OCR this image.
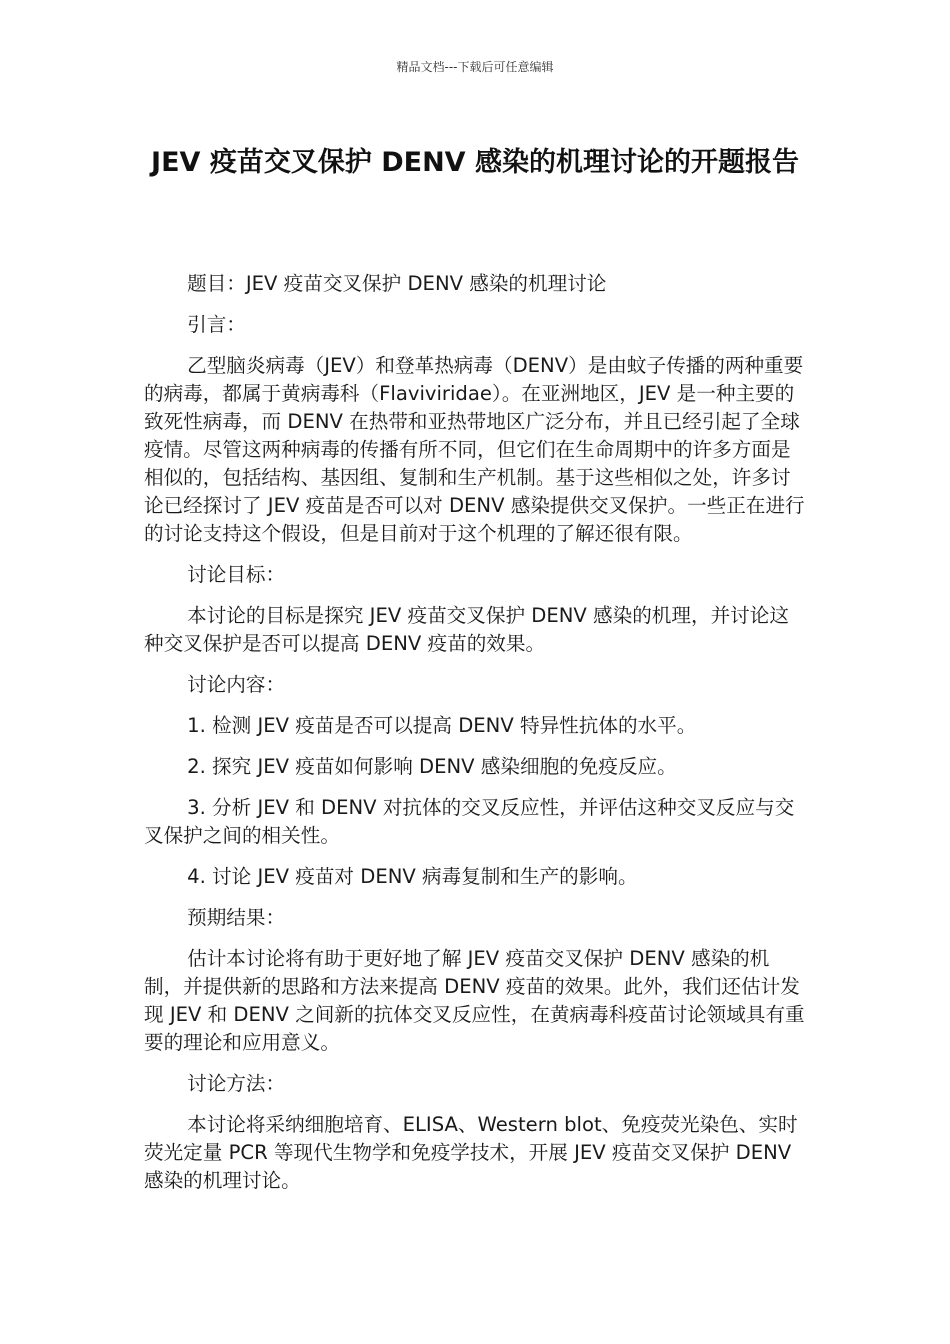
精品文档---下载后可任意编辑
JEV 疫苗交叉保护 DENV 感染的机理讨论的开题报告

题目：JEV 疫苗交叉保护 DENV 感染的机理讨论

引言：

乙型脑炎病毒（JEV）和登革热病毒（DENV）是由蚊子传播的两种重要的病毒，都属于黄病毒科（Flaviviridae）。在亚洲地区，JEV 是一种主要的致死性病毒，而 DENV 在热带和亚热带地区广泛分布，并且已经引起了全球疫情。尽管这两种病毒的传播有所不同，但它们在生命周期中的许多方面是相似的，包括结构、基因组、复制和生产机制。基于这些相似之处，许多讨论已经探讨了 JEV 疫苗是否可以对 DENV 感染提供交叉保护。一些正在进行的讨论支持这个假设，但是目前对于这个机理的了解还很有限。

讨论目标：

本讨论的目标是探究 JEV 疫苗交叉保护 DENV 感染的机理，并讨论这种交叉保护是否可以提高 DENV 疫苗的效果。

讨论内容：

1. 检测 JEV 疫苗是否可以提高 DENV 特异性抗体的水平。

2. 探究 JEV 疫苗如何影响 DENV 感染细胞的免疫反应。

3. 分析 JEV 和 DENV 对抗体的交叉反应性，并评估这种交叉反应与交叉保护之间的相关性。

4. 讨论 JEV 疫苗对 DENV 病毒复制和生产的影响。

预期结果：

估计本讨论将有助于更好地了解 JEV 疫苗交叉保护 DENV 感染的机制，并提供新的思路和方法来提高 DENV 疫苗的效果。此外，我们还估计发现 JEV 和 DENV 之间新的抗体交叉反应性，在黄病毒科疫苗讨论领域具有重要的理论和应用意义。

讨论方法：

本讨论将采纳细胞培育、ELISA、Western blot、免疫荧光染色、实时荧光定量 PCR 等现代生物学和免疫学技术，开展 JEV 疫苗交叉保护 DENV 感染的机理讨论。
